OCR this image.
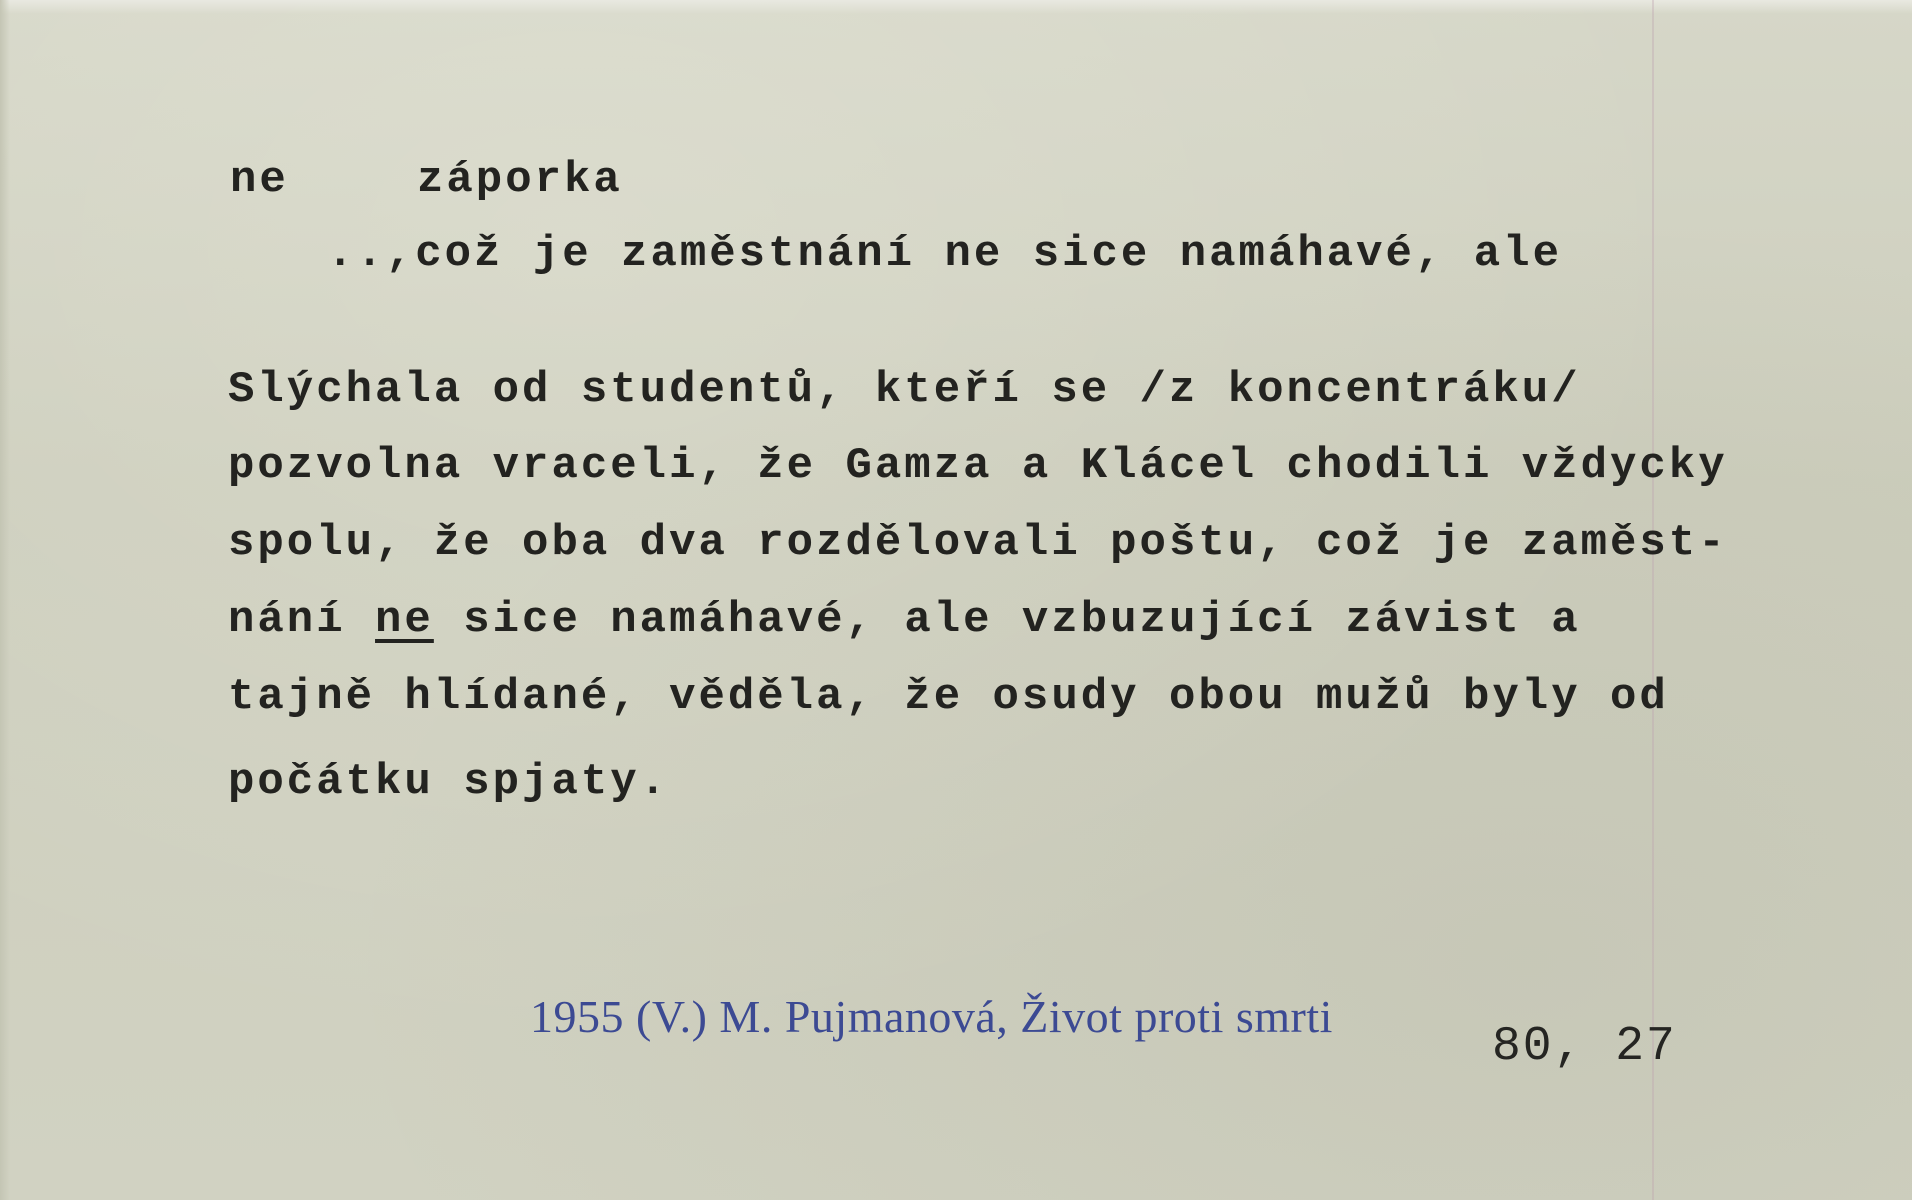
ne	záporka
..,což je zaměstnání ne sice namáhavé, ale
Slýchala od studentů, kteří se /z koncentráku/
pozvolna vraceli, že Gamza a Klácel chodili vždycky
spolu, že oba dva rozdělovali poštu, což je zaměst-
nání ne sice namáhavé, ale vzbuzující závist a
tajně hlídané, věděla, že osudy obou mužů byly od
počátku spjaty.
1955 (V.) M. Pujmanová, Život proti smrti
80, 27
